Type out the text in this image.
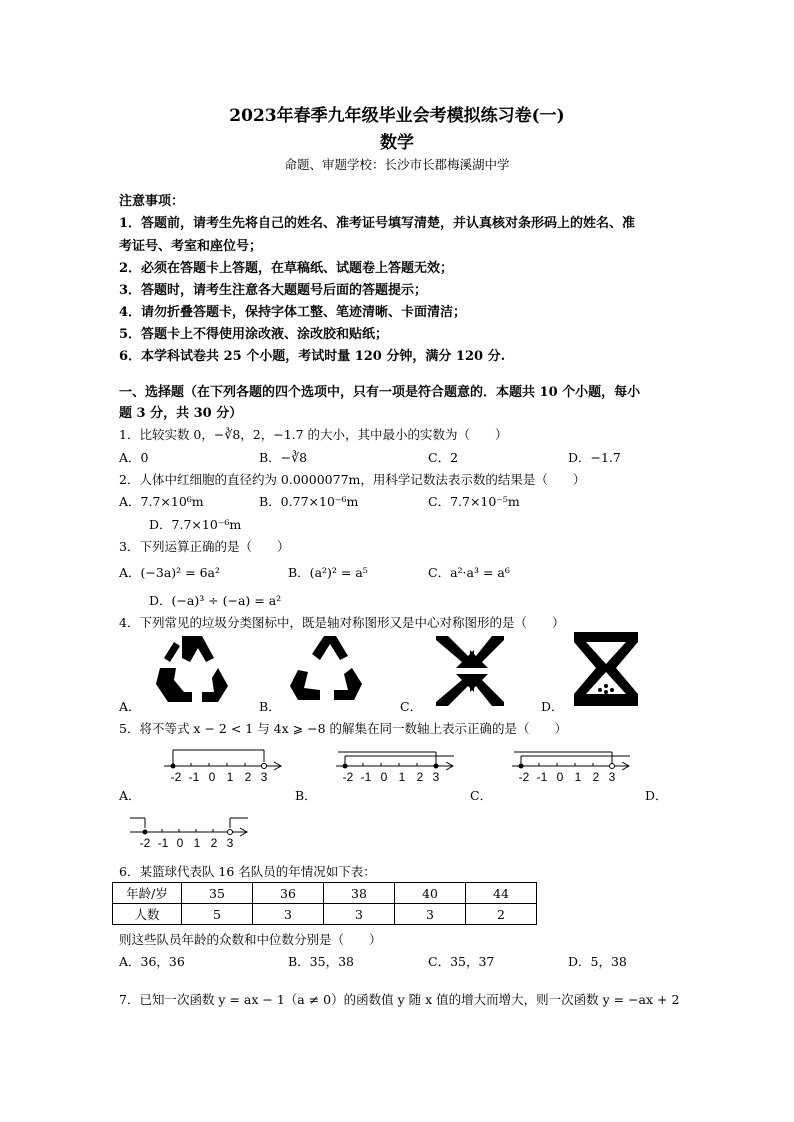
2023年春季九年级毕业会考模拟练习卷(一)
数学
命题、审题学校：长沙市长郡梅溪湖中学
注意事项：
1．答题前，请考生先将自己的姓名、准考证号填写清楚，并认真核对条形码上的姓名、准
考证号、考室和座位号；
2．必须在答题卡上答题，在草稿纸、试题卷上答题无效；
3．答题时，请考生注意各大题题号后面的答题提示；
4．请勿折叠答题卡，保持字体工整、笔迹清晰、卡面清洁；
5．答题卡上不得使用涂改液、涂改胶和贴纸；
6．本学科试卷共 25 个小题，考试时量 120 分钟，满分 120 分.
一、选择题（在下列各题的四个选项中，只有一项是符合题意的．本题共 10 个小题，每小
题 3 分，共 30 分）
1．比较实数 0，−∛8，2，−1.7 的大小，其中最小的实数为（　　）
A．0	B．−∛8	C．2	D．−1.7
2．人体中红细胞的直径约为 0.0000077m，用科学记数法表示数的结果是（　　）
A．7.7×10⁶m	B．0.77×10⁻⁶m	C．7.7×10⁻⁵m
D．7.7×10⁻⁶m
3．下列运算正确的是（　　）
A．(−3a)² = 6a²	B．(a²)² = a⁵	C．a²·a³ = a⁶
D．(−a)³ ÷ (−a) = a²
4．下列常见的垃圾分类图标中，既是轴对称图形又是中心对称图形的是（　　）
A．	B．	C．	D．
5．将不等式 x − 2 < 1 与 4x ⩾ −8 的解集在同一数轴上表示正确的是（　　）
-2 -1 0 1 2 3	-2 -1 0 1 2 3	-2 -1 0 1 2 3
A．	B．	C．	D．
-2 -1 0 1 2 3
6．某篮球代表队 16 名队员的年情况如下表：
年龄/岁	35	36	38	40	44
人数	5	3	3	3	2
则这些队员年龄的众数和中位数分别是（　　）
A．36，36	B．35，38	C．35，37	D．5，38
7．已知一次函数 y = ax − 1（a ≠ 0）的函数值 y 随 x 值的增大而增大，则一次函数 y = −ax + 2
